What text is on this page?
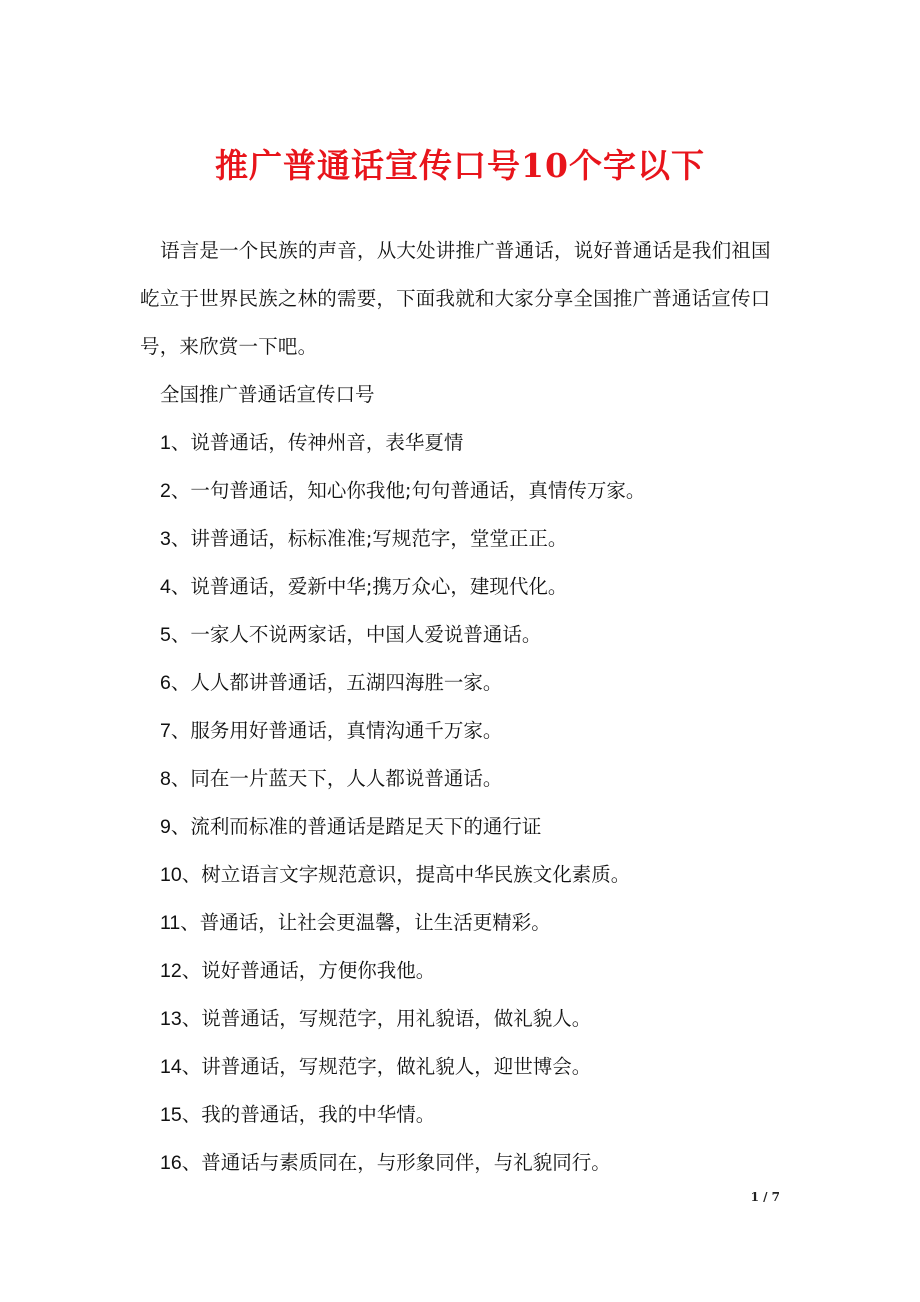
推广普通话宣传口号10个字以下

语言是一个民族的声音，从大处讲推广普通话，说好普通话是我们祖国屹立于世界民族之林的需要，下面我就和大家分享全国推广普通话宣传口号，来欣赏一下吧。

全国推广普通话宣传口号

1、说普通话，传神州音，表华夏情
2、一句普通话，知心你我他;句句普通话，真情传万家。
3、讲普通话，标标准准;写规范字，堂堂正正。
4、说普通话，爱新中华;携万众心，建现代化。
5、一家人不说两家话，中国人爱说普通话。
6、人人都讲普通话，五湖四海胜一家。
7、服务用好普通话，真情沟通千万家。
8、同在一片蓝天下，人人都说普通话。
9、流利而标准的普通话是踏足天下的通行证
10、树立语言文字规范意识，提高中华民族文化素质。
11、普通话，让社会更温馨，让生活更精彩。
12、说好普通话，方便你我他。
13、说普通话，写规范字，用礼貌语，做礼貌人。
14、讲普通话，写规范字，做礼貌人，迎世博会。
15、我的普通话，我的中华情。
16、普通话与素质同在，与形象同伴，与礼貌同行。
1 / 7
